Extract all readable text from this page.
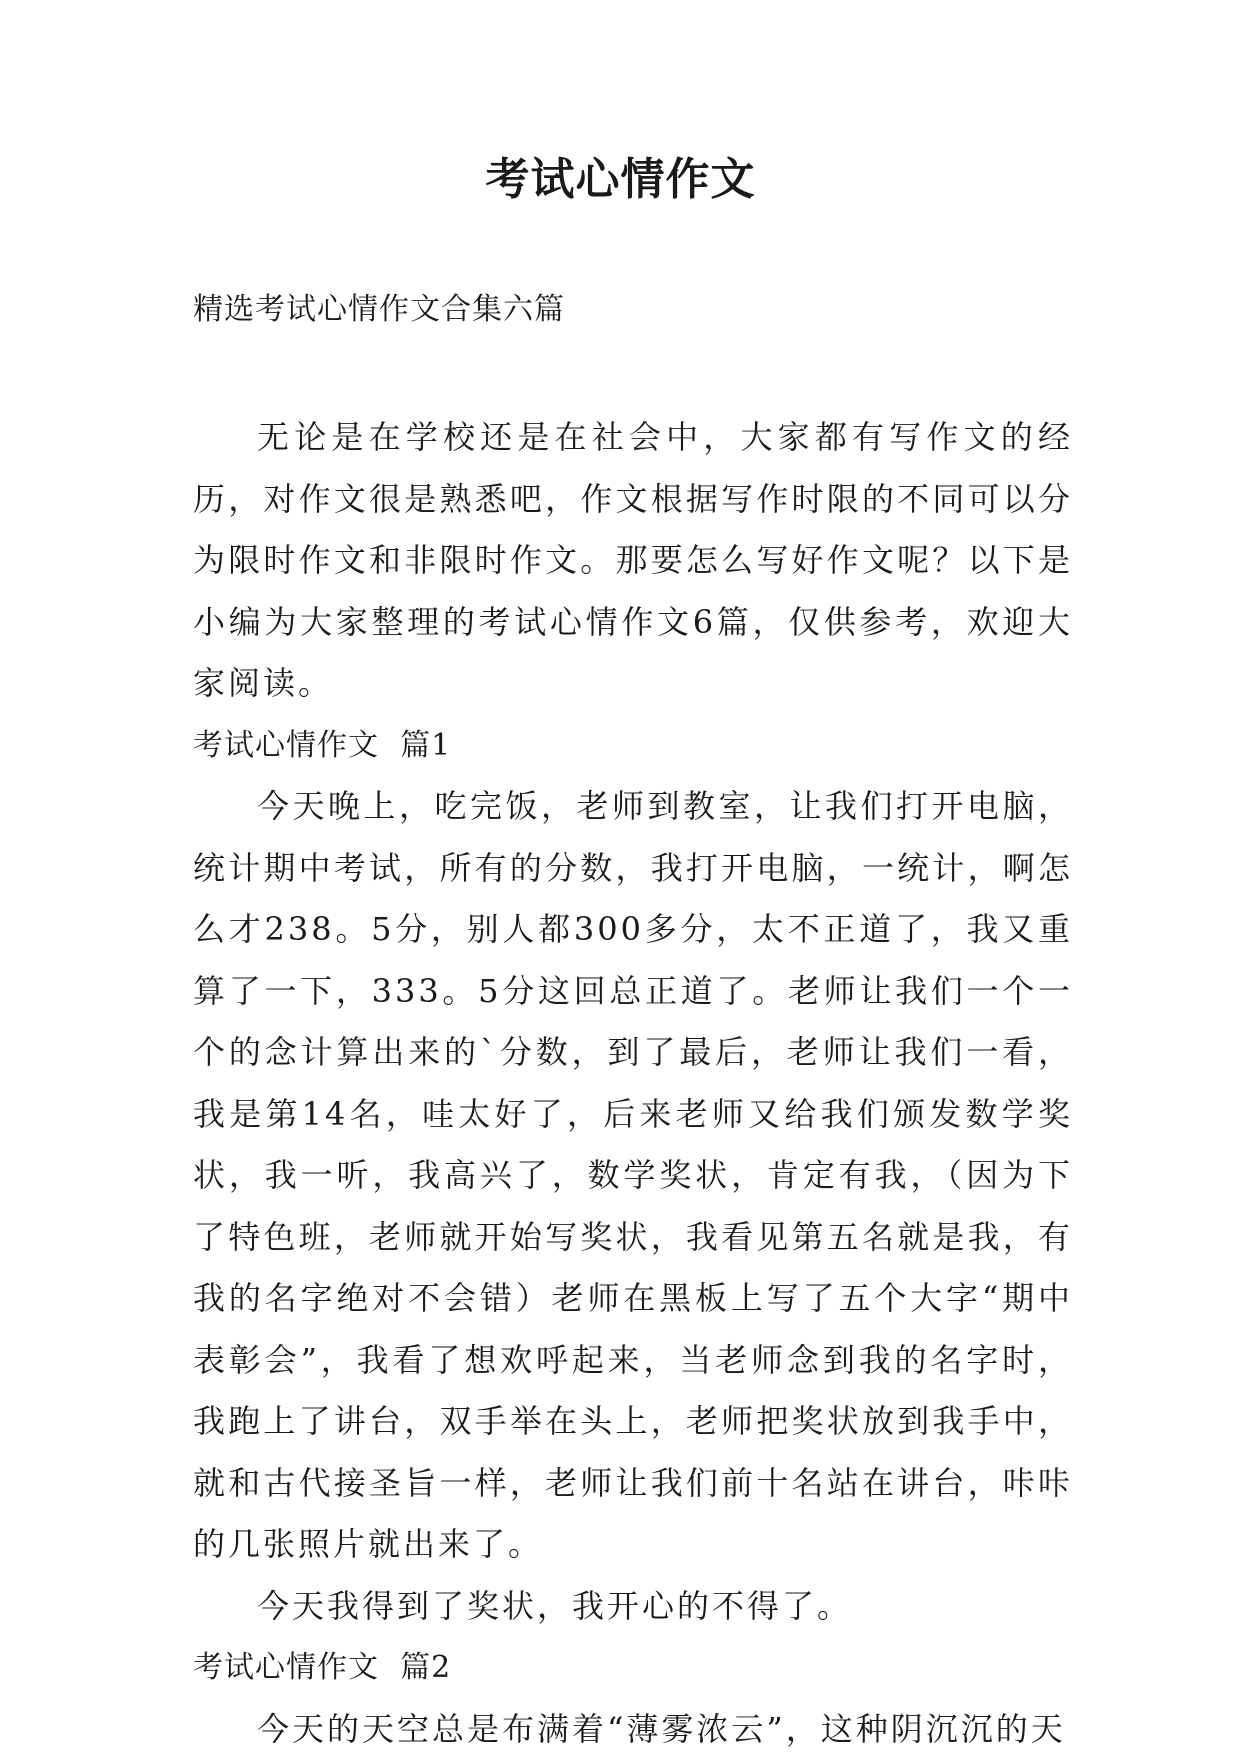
考试心情作文

精选考试心情作文合集六篇

无论是在学校还是在社会中，大家都有写作文的经历，对作文很是熟悉吧，作文根据写作时限的不同可以分为限时作文和非限时作文。那要怎么写好作文呢？以下是小编为大家整理的考试心情作文6篇，仅供参考，欢迎大家阅读。

考试心情作文  篇1

今天晚上，吃完饭，老师到教室，让我们打开电脑，统计期中考试，所有的分数，我打开电脑，一统计，啊怎么才238。5分，别人都300多分，太不正道了，我又重算了一下，333。5分这回总正道了。老师让我们一个一个的念计算出来的`分数，到了最后，老师让我们一看，我是第14名，哇太好了，后来老师又给我们颁发数学奖状，我一听，我高兴了，数学奖状，肯定有我，（因为下了特色班，老师就开始写奖状，我看见第五名就是我，有我的名字绝对不会错）老师在黑板上写了五个大字“期中表彰会”，我看了想欢呼起来，当老师念到我的名字时，我跑上了讲台，双手举在头上，老师把奖状放到我手中，就和古代接圣旨一样，老师让我们前十名站在讲台，咔咔的几张照片就出来了。

今天我得到了奖状，我开心的不得了。

考试心情作文  篇2

今天的天空总是布满着“薄雾浓云”，这种阴沉沉的天
